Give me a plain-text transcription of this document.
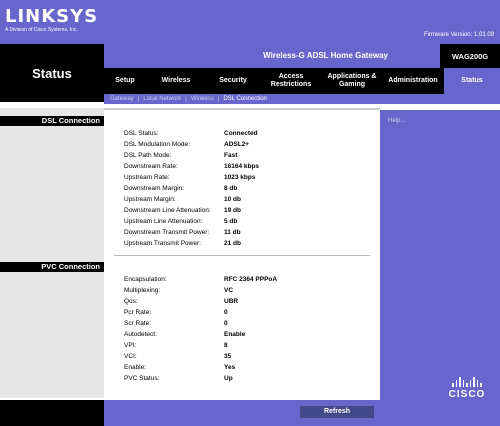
LINKSYS
A Division of Cisco Systems, Inc.
Firmware Version: 1.01.09
Status
Wireless-G ADSL Home Gateway	WAG200G
Setup	Wireless	Security
Access Restrictions
Applications & Gaming
Administration	Status
Gateway | Local Network | Wireless | DSL Connection
DSL Connection
PVC Connection
DSL Status:	Connected
DSL Modulation Mode:	ADSL2+
DSL Path Mode:	Fast
Downstream Rate:	16164 kbps
Upstream Rate:	1023 kbps
Downstream Margin:	8 db
Upstream Margin:	10 db
Downstream Line Attenuation:	19 db
Upstream Line Attenuation:	5 db
Downstream Transmit Power:	11 db
Upstream Transmit Power:	21 db
Encapsulation:	RFC 2364 PPPoA
Multiplexing:	VC
Qos:	UBR
Pcr Rate:	0
Scr Rate:	0
Autodetect:	Enable
VPI:	8
VCI:	35
Enable:	Yes
PVC Status:	Up
Help...
CISCO
Refresh
